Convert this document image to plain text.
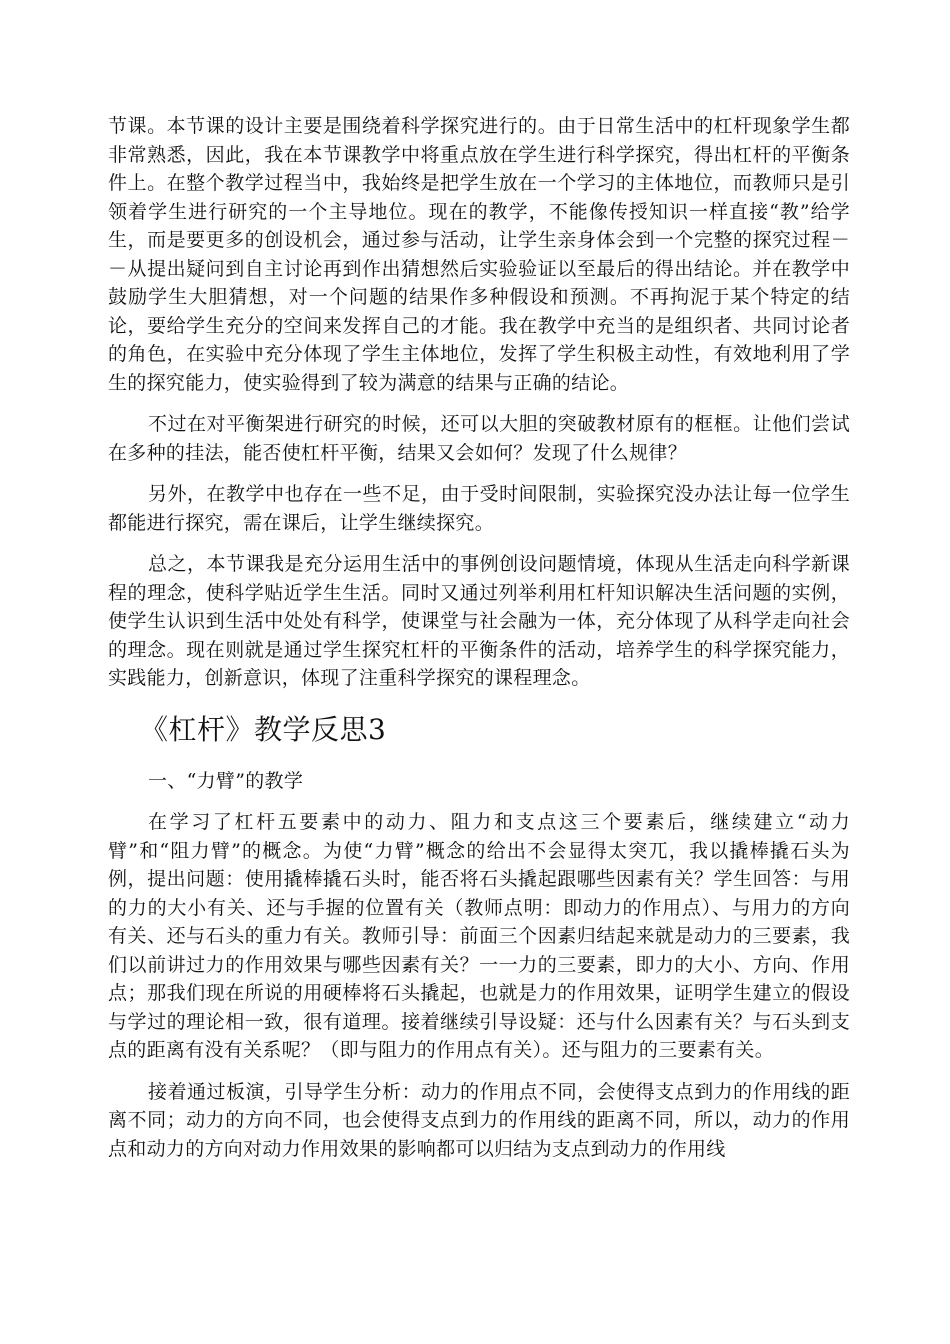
节课。本节课的设计主要是围绕着科学探究进行的。由于日常生活中的杠杆现象学生都非常熟悉，因此，我在本节课教学中将重点放在学生进行科学探究，得出杠杆的平衡条件上。在整个教学过程当中，我始终是把学生放在一个学习的主体地位，而教师只是引领着学生进行研究的一个主导地位。现在的教学，不能像传授知识一样直接“教”给学生，而是要更多的创设机会，通过参与活动，让学生亲身体会到一个完整的探究过程－－从提出疑问到自主讨论再到作出猜想然后实验验证以至最后的得出结论。并在教学中鼓励学生大胆猜想，对一个问题的结果作多种假设和预测。不再拘泥于某个特定的结论，要给学生充分的空间来发挥自己的才能。我在教学中充当的是组织者、共同讨论者的角色，在实验中充分体现了学生主体地位，发挥了学生积极主动性，有效地利用了学生的探究能力，使实验得到了较为满意的结果与正确的结论。

不过在对平衡架进行研究的时候，还可以大胆的突破教材原有的框框。让他们尝试在多种的挂法，能否使杠杆平衡，结果又会如何？发现了什么规律？

另外，在教学中也存在一些不足，由于受时间限制，实验探究没办法让每一位学生都能进行探究，需在课后，让学生继续探究。

总之，本节课我是充分运用生活中的事例创设问题情境，体现从生活走向科学新课程的理念，使科学贴近学生生活。同时又通过列举利用杠杆知识解决生活问题的实例，使学生认识到生活中处处有科学，使课堂与社会融为一体，充分体现了从科学走向社会的理念。现在则就是通过学生探究杠杆的平衡条件的活动，培养学生的科学探究能力，实践能力，创新意识，体现了注重科学探究的课程理念。

《杠杆》教学反思3

一、“力臂”的教学

在学习了杠杆五要素中的动力、阻力和支点这三个要素后，继续建立“动力臂”和“阻力臂”的概念。为使“力臂”概念的给出不会显得太突兀，我以撬棒撬石头为例，提出问题：使用撬棒撬石头时，能否将石头撬起跟哪些因素有关？学生回答：与用的力的大小有关、还与手握的位置有关（教师点明：即动力的作用点）、与用力的方向有关、还与石头的重力有关。教师引导：前面三个因素归结起来就是动力的三要素，我们以前讲过力的作用效果与哪些因素有关？一一力的三要素，即力的大小、方向、作用点；那我们现在所说的用硬棒将石头撬起，也就是力的作用效果，证明学生建立的假设与学过的理论相一致，很有道理。接着继续引导设疑：还与什么因素有关？与石头到支点的距离有没有关系呢？（即与阻力的作用点有关）。还与阻力的三要素有关。

接着通过板演，引导学生分析：动力的作用点不同，会使得支点到力的作用线的距离不同；动力的方向不同，也会使得支点到力的作用线的距离不同，所以，动力的作用点和动力的方向对动力作用效果的影响都可以归结为支点到动力的作用线
